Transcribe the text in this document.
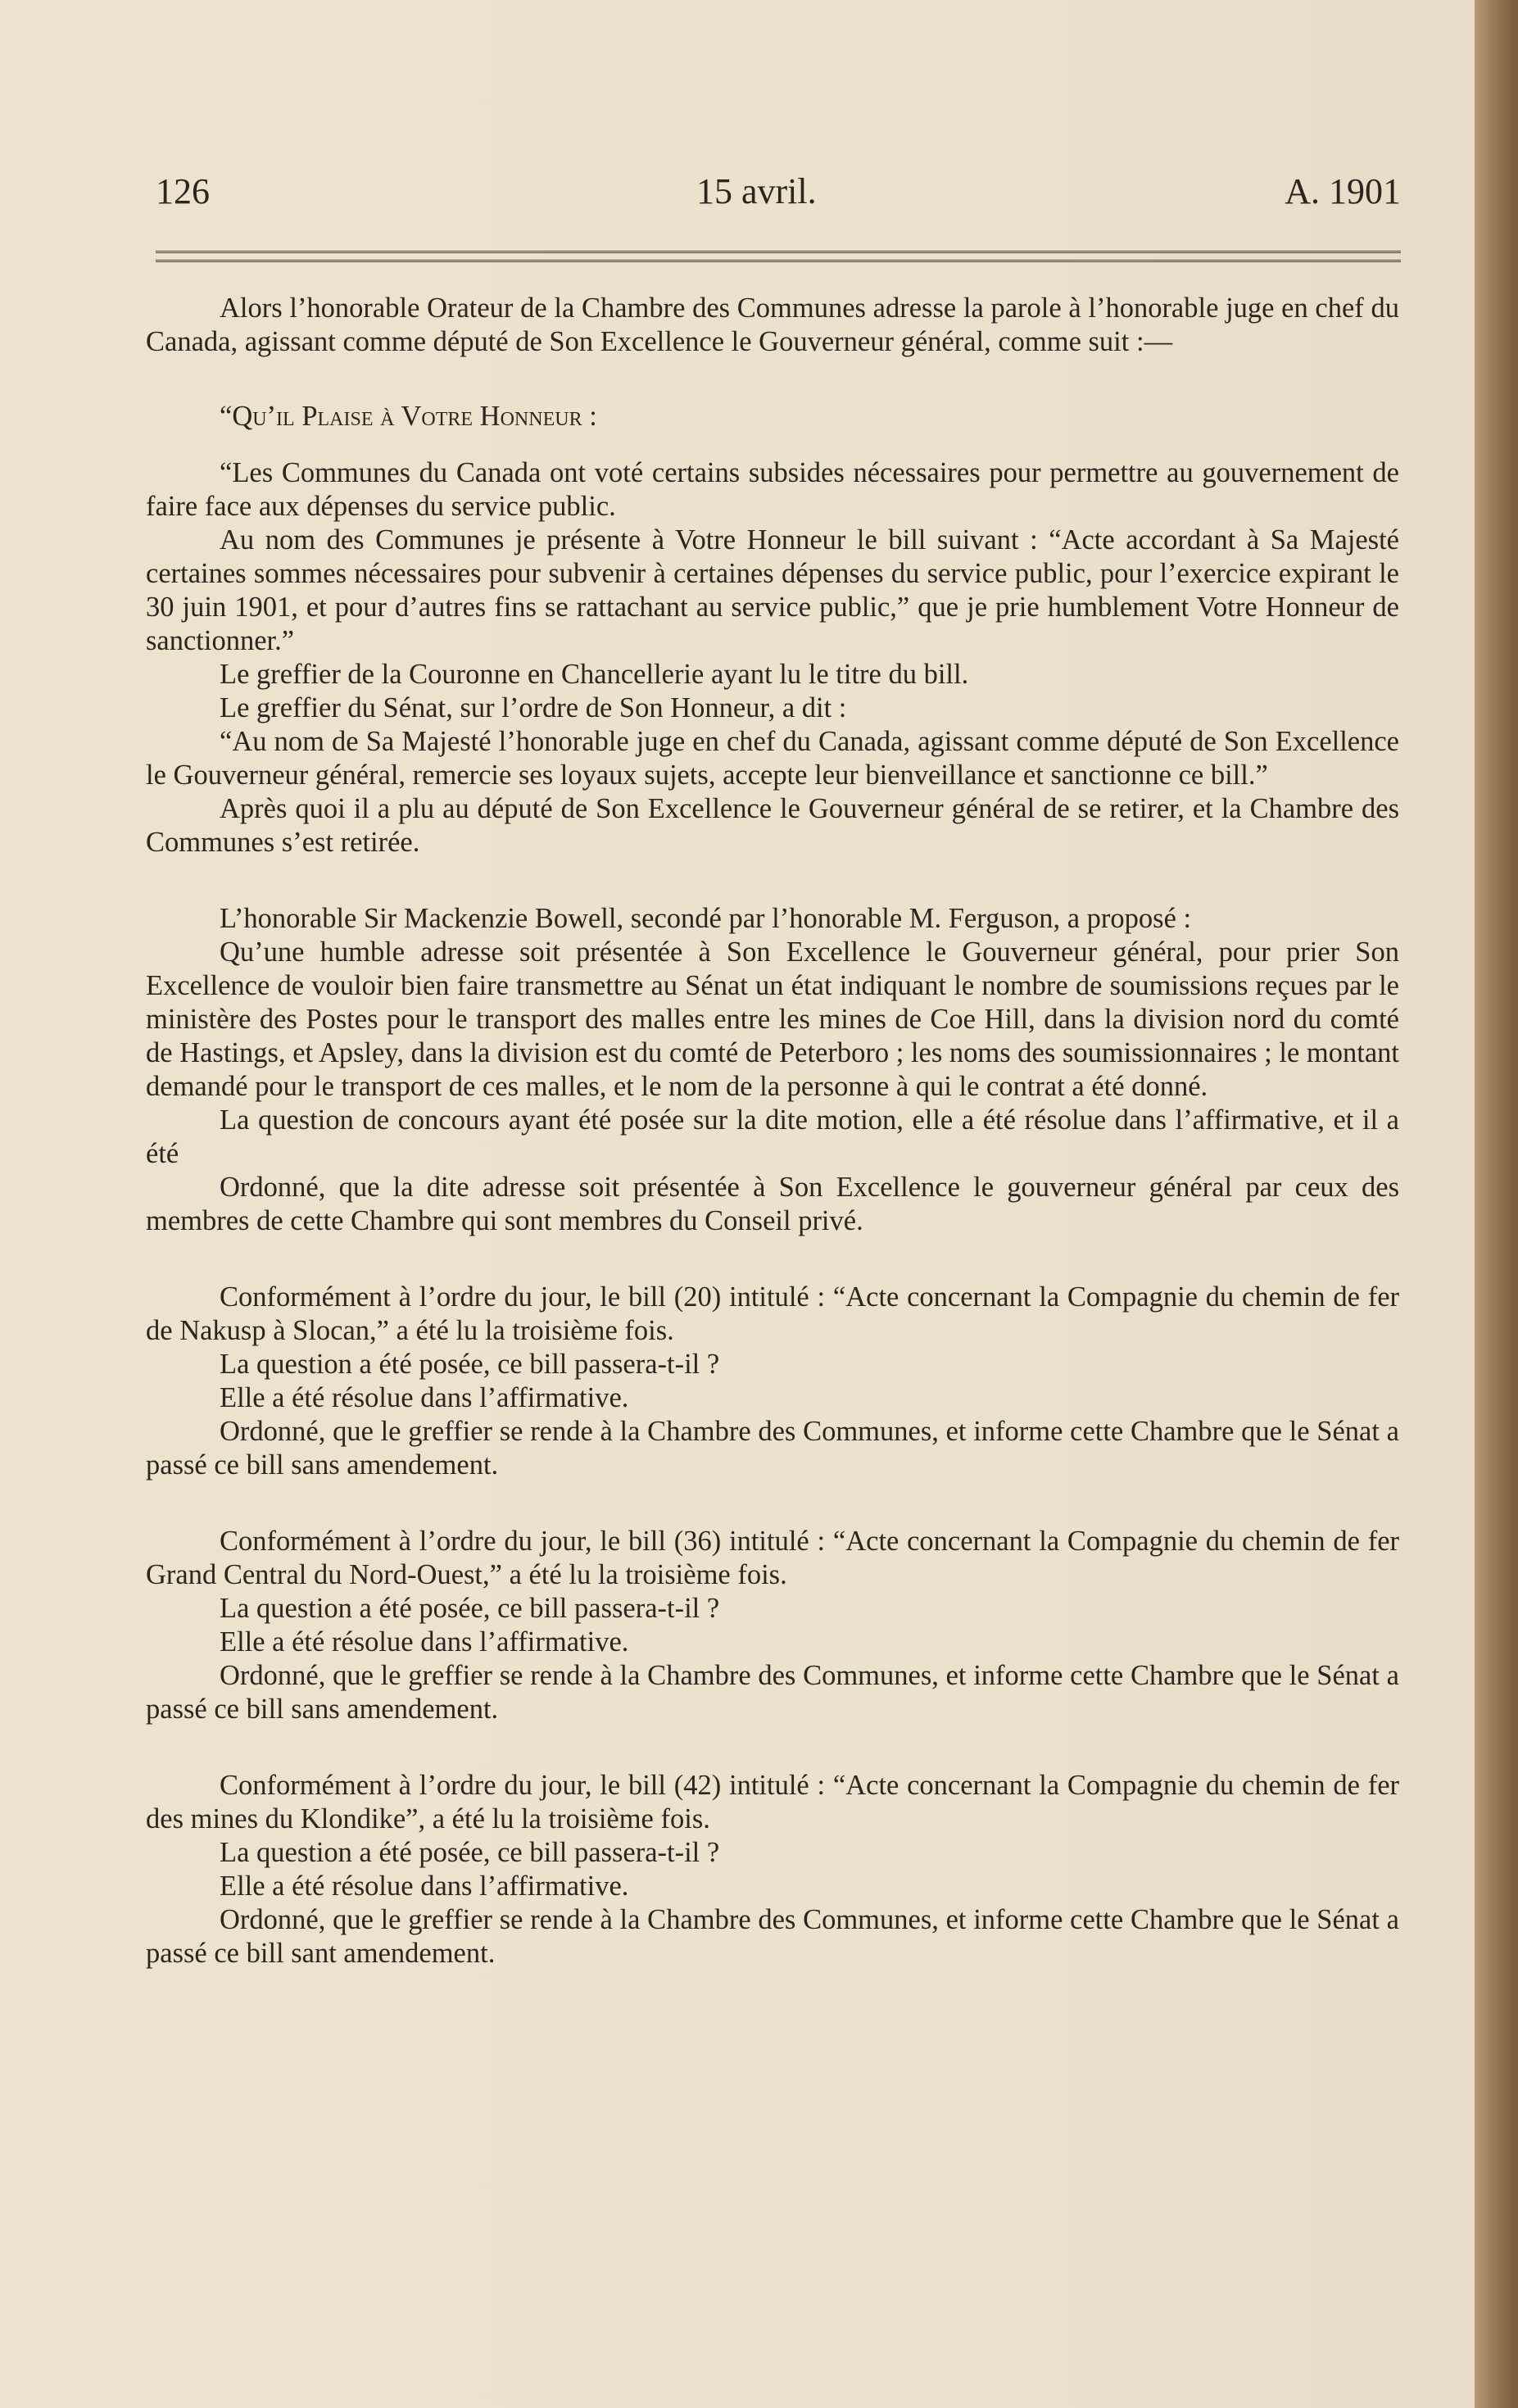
126	15 avril.	A. 1901

Alors l’honorable Orateur de la Chambre des Communes adresse la parole à l’honorable juge en chef du Canada, agissant comme député de Son Excellence le Gouverneur général, comme suit :—

“Qu’il Plaise à Votre Honneur :

“Les Communes du Canada ont voté certains subsides nécessaires pour permettre au gouvernement de faire face aux dépenses du service public.

Au nom des Communes je présente à Votre Honneur le bill suivant : “Acte accordant à Sa Majesté certaines sommes nécessaires pour subvenir à certaines dépenses du service public, pour l’exercice expirant le 30 juin 1901, et pour d’autres fins se rattachant au service public,” que je prie humblement Votre Honneur de sanctionner.”

Le greffier de la Couronne en Chancellerie ayant lu le titre du bill.

Le greffier du Sénat, sur l’ordre de Son Honneur, a dit :

“Au nom de Sa Majesté l’honorable juge en chef du Canada, agissant comme député de Son Excellence le Gouverneur général, remercie ses loyaux sujets, accepte leur bienveillance et sanctionne ce bill.”

Après quoi il a plu au député de Son Excellence le Gouverneur général de se retirer, et la Chambre des Communes s’est retirée.

L’honorable Sir Mackenzie Bowell, secondé par l’honorable M. Ferguson, a proposé :

Qu’une humble adresse soit présentée à Son Excellence le Gouverneur général, pour prier Son Excellence de vouloir bien faire transmettre au Sénat un état indiquant le nombre de soumissions reçues par le ministère des Postes pour le transport des malles entre les mines de Coe Hill, dans la division nord du comté de Hastings, et Apsley, dans la division est du comté de Peterboro ; les noms des soumissionnaires ; le montant demandé pour le transport de ces malles, et le nom de la personne à qui le contrat a été donné.

La question de concours ayant été posée sur la dite motion, elle a été résolue dans l’affirmative, et il a été

Ordonné, que la dite adresse soit présentée à Son Excellence le gouverneur général par ceux des membres de cette Chambre qui sont membres du Conseil privé.

Conformément à l’ordre du jour, le bill (20) intitulé : “Acte concernant la Compagnie du chemin de fer de Nakusp à Slocan,” a été lu la troisième fois.

La question a été posée, ce bill passera-t-il ?

Elle a été résolue dans l’affirmative.

Ordonné, que le greffier se rende à la Chambre des Communes, et informe cette Chambre que le Sénat a passé ce bill sans amendement.

Conformément à l’ordre du jour, le bill (36) intitulé : “Acte concernant la Compagnie du chemin de fer Grand Central du Nord-Ouest,” a été lu la troisième fois.

La question a été posée, ce bill passera-t-il ?

Elle a été résolue dans l’affirmative.

Ordonné, que le greffier se rende à la Chambre des Communes, et informe cette Chambre que le Sénat a passé ce bill sans amendement.

Conformément à l’ordre du jour, le bill (42) intitulé : “Acte concernant la Compagnie du chemin de fer des mines du Klondike”, a été lu la troisième fois.

La question a été posée, ce bill passera-t-il ?

Elle a été résolue dans l’affirmative.

Ordonné, que le greffier se rende à la Chambre des Communes, et informe cette Chambre que le Sénat a passé ce bill sant amendement.
